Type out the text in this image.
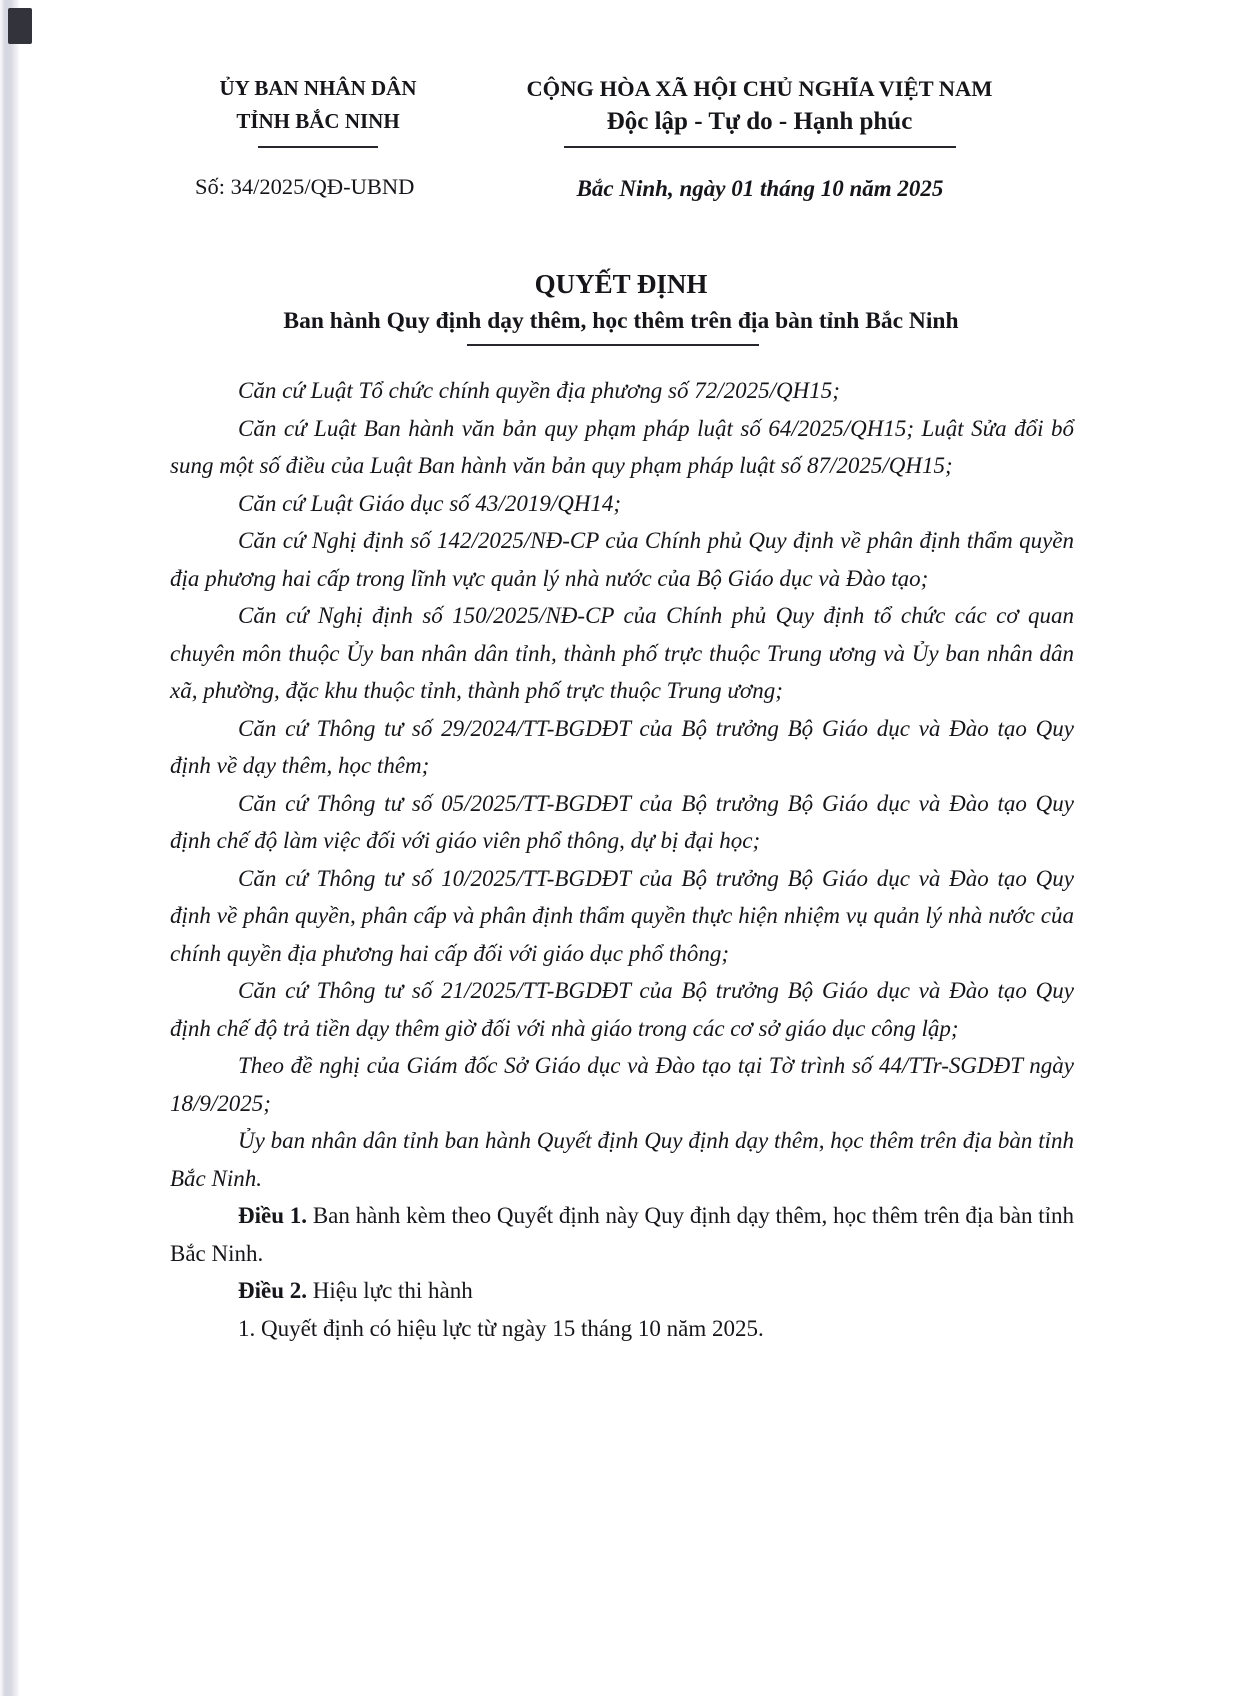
ỦY BAN NHÂN DÂN
TỈNH BẮC NINH
CỘNG HÒA XÃ HỘI CHỦ NGHĨA VIỆT NAM
Độc lập - Tự do - Hạnh phúc
Số: 34/2025/QĐ-UBND	Bắc Ninh, ngày 01 tháng 10 năm 2025
QUYẾT ĐỊNH
Ban hành Quy định dạy thêm, học thêm trên địa bàn tỉnh Bắc Ninh

Căn cứ Luật Tổ chức chính quyền địa phương số 72/2025/QH15;

Căn cứ Luật Ban hành văn bản quy phạm pháp luật số 64/2025/QH15; Luật Sửa đổi bổ sung một số điều của Luật Ban hành văn bản quy phạm pháp luật số 87/2025/QH15;

Căn cứ Luật Giáo dục số 43/2019/QH14;

Căn cứ Nghị định số 142/2025/NĐ-CP của Chính phủ Quy định về phân định thẩm quyền địa phương hai cấp trong lĩnh vực quản lý nhà nước của Bộ Giáo dục và Đào tạo;

Căn cứ Nghị định số 150/2025/NĐ-CP của Chính phủ Quy định tổ chức các cơ quan chuyên môn thuộc Ủy ban nhân dân tỉnh, thành phố trực thuộc Trung ương và Ủy ban nhân dân xã, phường, đặc khu thuộc tỉnh, thành phố trực thuộc Trung ương;

Căn cứ Thông tư số 29/2024/TT-BGDĐT của Bộ trưởng Bộ Giáo dục và Đào tạo Quy định về dạy thêm, học thêm;

Căn cứ Thông tư số 05/2025/TT-BGDĐT của Bộ trưởng Bộ Giáo dục và Đào tạo Quy định chế độ làm việc đối với giáo viên phổ thông, dự bị đại học;

Căn cứ Thông tư số 10/2025/TT-BGDĐT của Bộ trưởng Bộ Giáo dục và Đào tạo Quy định về phân quyền, phân cấp và phân định thẩm quyền thực hiện nhiệm vụ quản lý nhà nước của chính quyền địa phương hai cấp đối với giáo dục phổ thông;

Căn cứ Thông tư số 21/2025/TT-BGDĐT của Bộ trưởng Bộ Giáo dục và Đào tạo Quy định chế độ trả tiền dạy thêm giờ đối với nhà giáo trong các cơ sở giáo dục công lập;

Theo đề nghị của Giám đốc Sở Giáo dục và Đào tạo tại Tờ trình số 44/TTr-SGDĐT ngày 18/9/2025;

Ủy ban nhân dân tỉnh ban hành Quyết định Quy định dạy thêm, học thêm trên địa bàn tỉnh Bắc Ninh.

Điều 1. Ban hành kèm theo Quyết định này Quy định dạy thêm, học thêm trên địa bàn tỉnh Bắc Ninh.

Điều 2. Hiệu lực thi hành

1. Quyết định có hiệu lực từ ngày 15 tháng 10 năm 2025.
